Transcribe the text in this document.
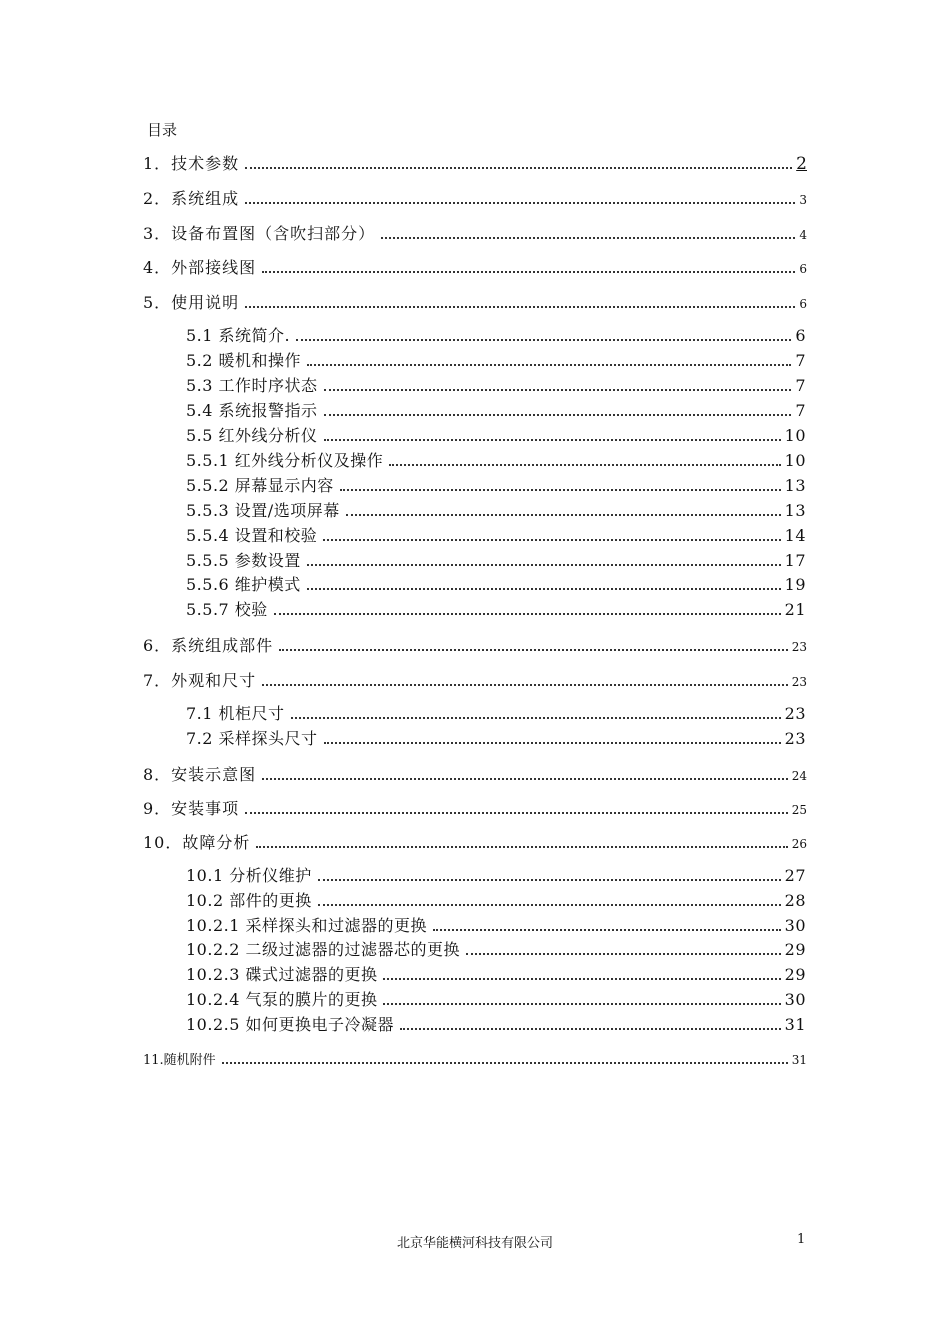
目录
1．技术参数	2
2．系统组成	3
3．设备布置图（含吹扫部分）	4
4．外部接线图	6
5．使用说明	6
5.1 系统简介.	6
5.2 暖机和操作	7
5.3 工作时序状态	7
5.4 系统报警指示	7
5.5 红外线分析仪	10
5.5.1 红外线分析仪及操作	10
5.5.2 屏幕显示内容	13
5.5.3 设置/选项屏幕	13
5.5.4 设置和校验	14
5.5.5 参数设置	17
5.5.6 维护模式	19
5.5.7 校验	21
6．系统组成部件	23
7．外观和尺寸	23
7.1 机柜尺寸	23
7.2 采样探头尺寸	23
8．安装示意图	24
9．安装事项	25
10．故障分析	26
10.1 分析仪维护	27
10.2 部件的更换	28
10.2.1 采样探头和过滤器的更换	30
10.2.2 二级过滤器的过滤器芯的更换	29
10.2.3 碟式过滤器的更换	29
10.2.4 气泵的膜片的更换	30
10.2.5 如何更换电子冷凝器	31
11.随机附件	31
北京华能横河科技有限公司	1
